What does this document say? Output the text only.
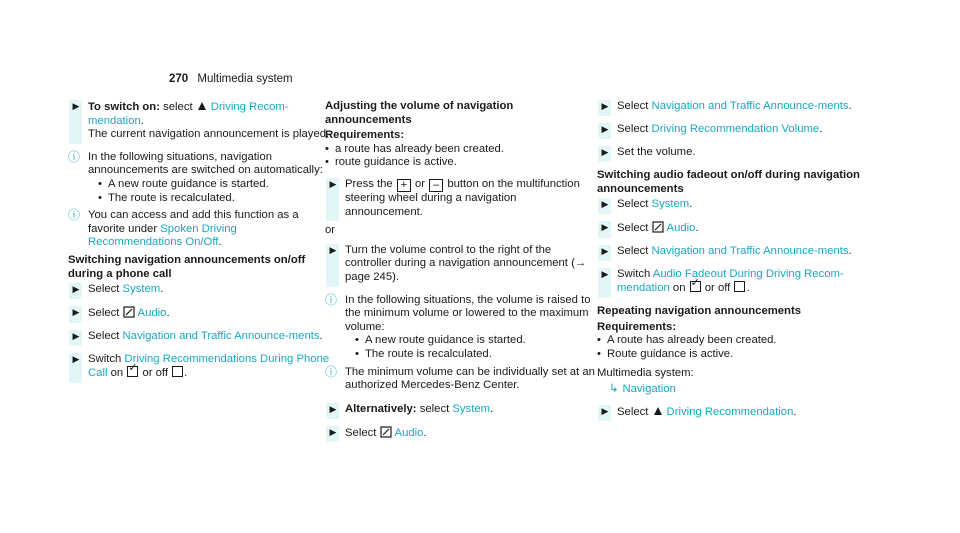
270 Multimedia system
▶ To switch on: select Driving Recom-mendation.
The current navigation announcement is played.
ⓘ In the following situations, navigation announcements are switched on automatically:
• A new route guidance is started.
• The route is recalculated.
ⓘ You can access and add this function as a favorite under Spoken Driving Recommendations On/Off.
Switching navigation announcements on/off during a phone call
▶ Select System.
▶ Select Audio.
▶ Select Navigation and Traffic Announce-ments.
▶ Switch Driving Recommendations During Phone Call on ✓ or off .
Adjusting the volume of navigation announcements
Requirements:
• a route has already been created.
• route guidance is active.
▶ Press the + or – button on the multifunction steering wheel during a navigation announcement.
or
▶ Turn the volume control to the right of the controller during a navigation announcement (→ page 245).
ⓘ In the following situations, the volume is raised to the minimum volume or lowered to the maximum volume:
• A new route guidance is started.
• The route is recalculated.
ⓘ The minimum volume can be individually set at an authorized Mercedes-Benz Center.
▶ Alternatively: select System.
▶ Select Audio.
▶ Select Navigation and Traffic Announce-ments.
▶ Select Driving Recommendation Volume.
▶ Set the volume.
Switching audio fadeout on/off during navigation announcements
▶ Select System.
▶ Select Audio.
▶ Select Navigation and Traffic Announce-ments.
▶ Switch Audio Fadeout During Driving Recom-mendation on ✓ or off .
Repeating navigation announcements
Requirements:
• A route has already been created.
• Route guidance is active.
Multimedia system:
↳ Navigation
▶ Select Driving Recommendation.
